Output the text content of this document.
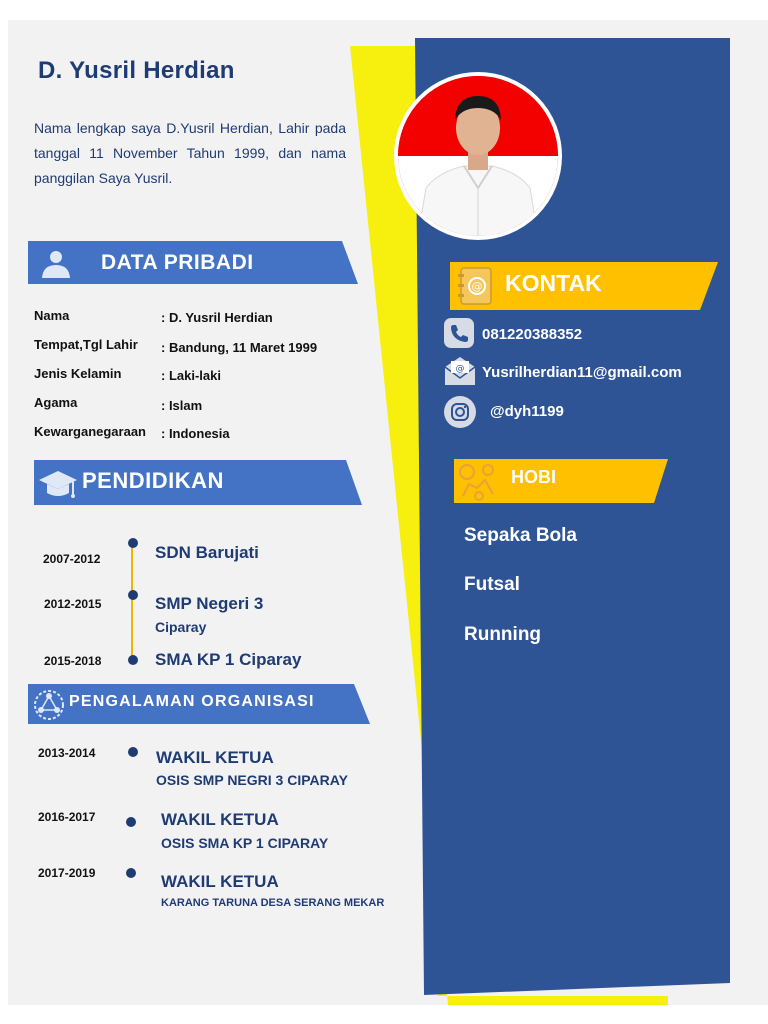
D. Yusril Herdian
Nama lengkap saya D.Yusril Herdian, Lahir pada tanggal 11 November Tahun 1999, dan nama panggilan Saya Yusril.
DATA PRIBADI
Nama	: D. Yusril Herdian
Tempat,Tgl Lahir : Bandung, 11 Maret 1999
Jenis Kelamin	: Laki-laki
Agama	: Islam
Kewarganegaraan : Indonesia
PENDIDIKAN
2007-2012	SDN Barujati
2012-2015	SMP Negeri 3
Ciparay
2015-2018	SMA KP 1 Ciparay
PENGALAMAN ORGANISASI
2013-2014	WAKIL KETUA
OSIS SMP NEGRI 3 CIPARAY
2016-2017	WAKIL KETUA
OSIS SMA KP 1 CIPARAY
2017-2019	WAKIL KETUA
KARANG TARUNA DESA SERANG MEKAR
@ KONTAK
081220388352
@ Yusrilherdian11@gmail.com
@dyh1199
HOBI
Sepaka Bola
Futsal
Running
